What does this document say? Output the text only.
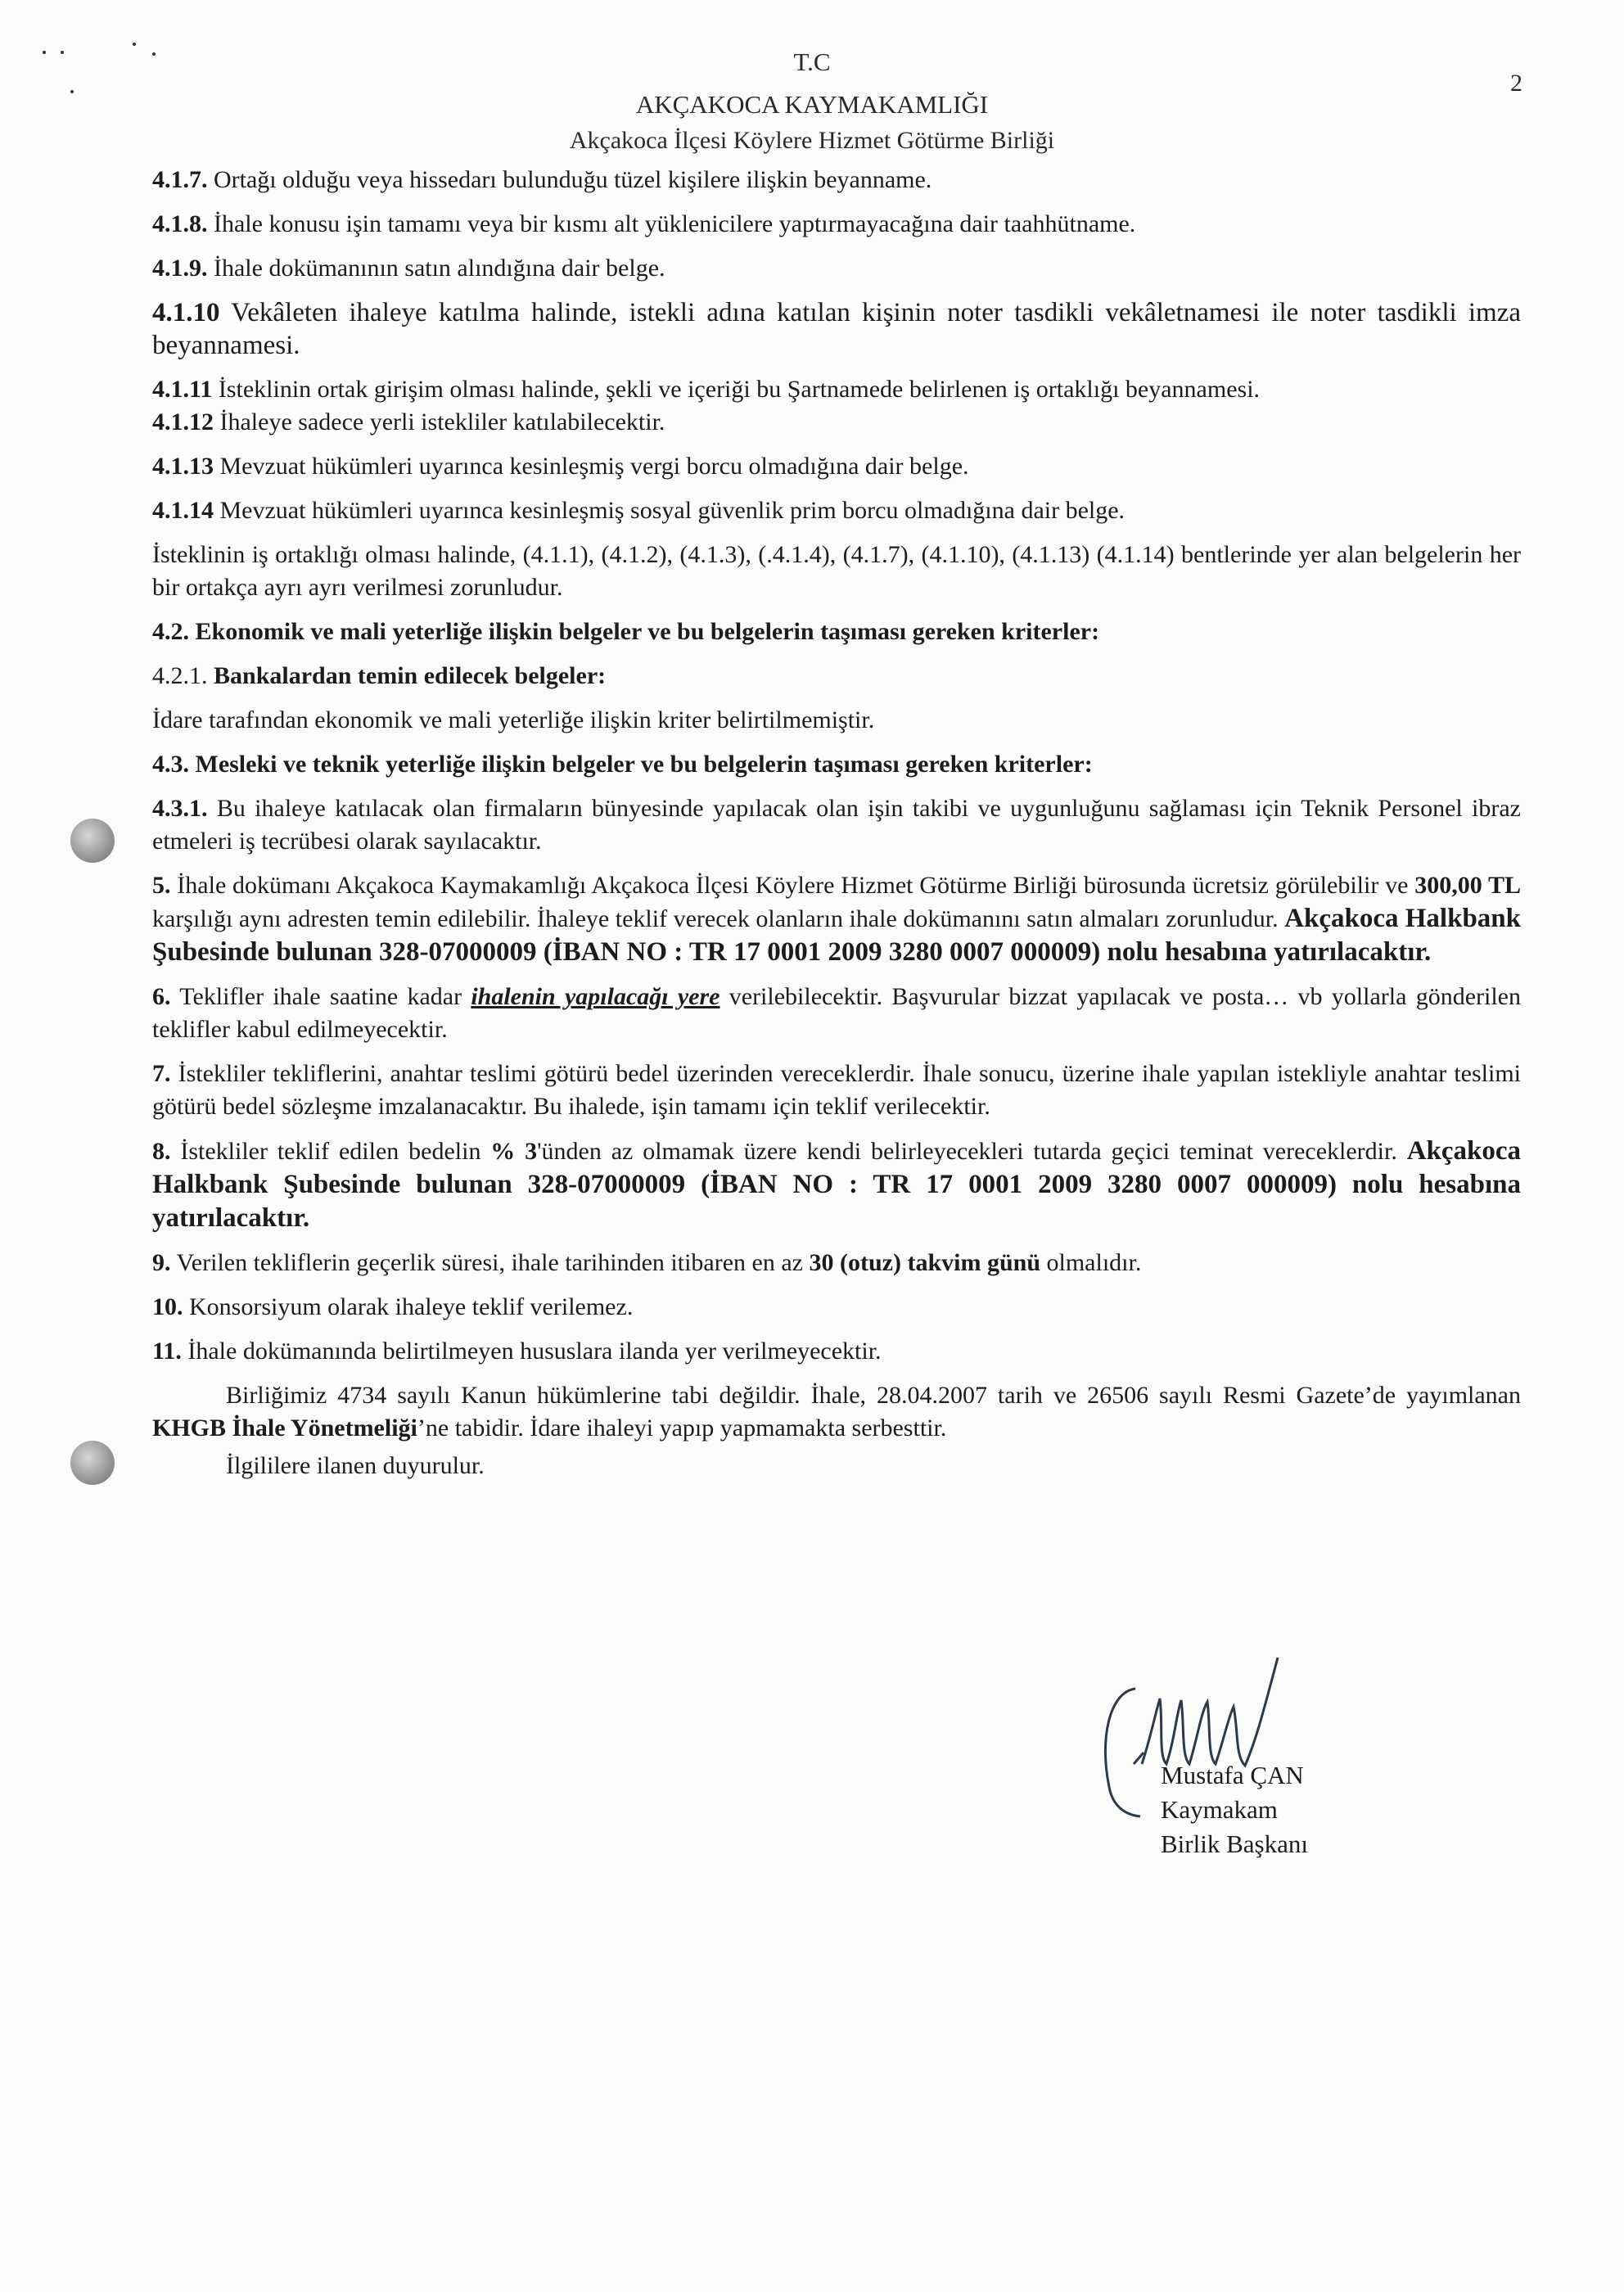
T.C
AKÇAKOCA KAYMAKAMLIĞI
Akçakoca İlçesi Köylere Hizmet Götürme Birliği
2

4.1.7. Ortağı olduğu veya hissedarı bulunduğu tüzel kişilere ilişkin beyanname.

4.1.8. İhale konusu işin tamamı veya bir kısmı alt yüklenicilere yaptırmayacağına dair taahhütname.

4.1.9. İhale dokümanının satın alındığına dair belge.

4.1.10 Vekâleten ihaleye katılma halinde, istekli adına katılan kişinin noter tasdikli vekâletnamesi ile noter tasdikli imza beyannamesi.

4.1.11 İsteklinin ortak girişim olması halinde, şekli ve içeriği bu Şartnamede belirlenen iş ortaklığı beyannamesi.

4.1.12 İhaleye sadece yerli istekliler katılabilecektir.

4.1.13 Mevzuat hükümleri uyarınca kesinleşmiş vergi borcu olmadığına dair belge.

4.1.14 Mevzuat hükümleri uyarınca kesinleşmiş sosyal güvenlik prim borcu olmadığına dair belge.

İsteklinin iş ortaklığı olması halinde, (4.1.1), (4.1.2), (4.1.3), (.4.1.4), (4.1.7), (4.1.10), (4.1.13) (4.1.14) bentlerinde yer alan belgelerin her bir ortakça ayrı ayrı verilmesi zorunludur.

4.2. Ekonomik ve mali yeterliğe ilişkin belgeler ve bu belgelerin taşıması gereken kriterler:

4.2.1. Bankalardan temin edilecek belgeler:

İdare tarafından ekonomik ve mali yeterliğe ilişkin kriter belirtilmemiştir.

4.3. Mesleki ve teknik yeterliğe ilişkin belgeler ve bu belgelerin taşıması gereken kriterler:

4.3.1. Bu ihaleye katılacak olan firmaların bünyesinde yapılacak olan işin takibi ve uygunluğunu sağlaması için Teknik Personel ibraz etmeleri iş tecrübesi olarak sayılacaktır.

5. İhale dokümanı Akçakoca Kaymakamlığı Akçakoca İlçesi Köylere Hizmet Götürme Birliği bürosunda ücretsiz görülebilir ve 300,00 TL karşılığı aynı adresten temin edilebilir. İhaleye teklif verecek olanların ihale dokümanını satın almaları zorunludur. Akçakoca Halkbank Şubesinde bulunan 328-07000009 (İBAN NO : TR 17 0001 2009 3280 0007 000009) nolu hesabına yatırılacaktır.

6. Teklifler ihale saatine kadar ihalenin yapılacağı yere verilebilecektir. Başvurular bizzat yapılacak ve posta… vb yollarla gönderilen teklifler kabul edilmeyecektir.

7. İstekliler tekliflerini, anahtar teslimi götürü bedel üzerinden vereceklerdir. İhale sonucu, üzerine ihale yapılan istekliyle anahtar teslimi götürü bedel sözleşme imzalanacaktır. Bu ihalede, işin tamamı için teklif verilecektir.

8. İstekliler teklif edilen bedelin % 3'ünden az olmamak üzere kendi belirleyecekleri tutarda geçici teminat vereceklerdir. Akçakoca Halkbank Şubesinde bulunan 328-07000009 (İBAN NO : TR 17 0001 2009 3280 0007 000009) nolu hesabına yatırılacaktır.

9. Verilen tekliflerin geçerlik süresi, ihale tarihinden itibaren en az 30 (otuz) takvim günü olmalıdır.

10. Konsorsiyum olarak ihaleye teklif verilemez.

11. İhale dokümanında belirtilmeyen hususlara ilanda yer verilmeyecektir.

Birliğimiz 4734 sayılı Kanun hükümlerine tabi değildir. İhale, 28.04.2007 tarih ve 26506 sayılı Resmi Gazete’de yayımlanan KHGB İhale Yönetmeliği’ne tabidir. İdare ihaleyi yapıp yapmamakta serbesttir.

İlgililere ilanen duyurulur.

Mustafa ÇAN
Kaymakam
Birlik Başkanı
